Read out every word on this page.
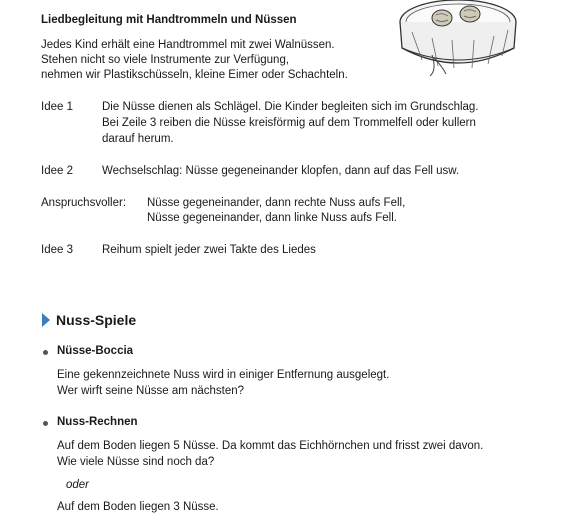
Liedbegleitung mit Handtrommeln und Nüssen
Jedes Kind erhält eine Handtrommel mit zwei Walnüssen.
Stehen nicht so viele Instrumente zur Verfügung,
nehmen wir Plastikschüsseln, kleine Eimer oder Schachteln.
Idee 1	Die Nüsse dienen als Schlägel. Die Kinder begleiten sich im Grundschlag.
Bei Zeile 3 reiben die Nüsse kreisförmig auf dem Trommelfell oder kullern
darauf herum.
Idee 2	Wechselschlag: Nüsse gegeneinander klopfen, dann auf das Fell usw.
Anspruchsvoller: Nüsse gegeneinander, dann rechte Nuss aufs Fell,
Nüsse gegeneinander, dann linke Nuss aufs Fell.
Idee 3	Reihum spielt jeder zwei Takte des Liedes
Nuss-Spiele
Nüsse-Boccia
Eine gekennzeichnete Nuss wird in einiger Entfernung ausgelegt.
Wer wirft seine Nüsse am nächsten?
Nuss-Rechnen
Auf dem Boden liegen 5 Nüsse. Da kommt das Eichhörnchen und frisst zwei davon.
Wie viele Nüsse sind noch da?
oder
Auf dem Boden liegen 3 Nüsse.
